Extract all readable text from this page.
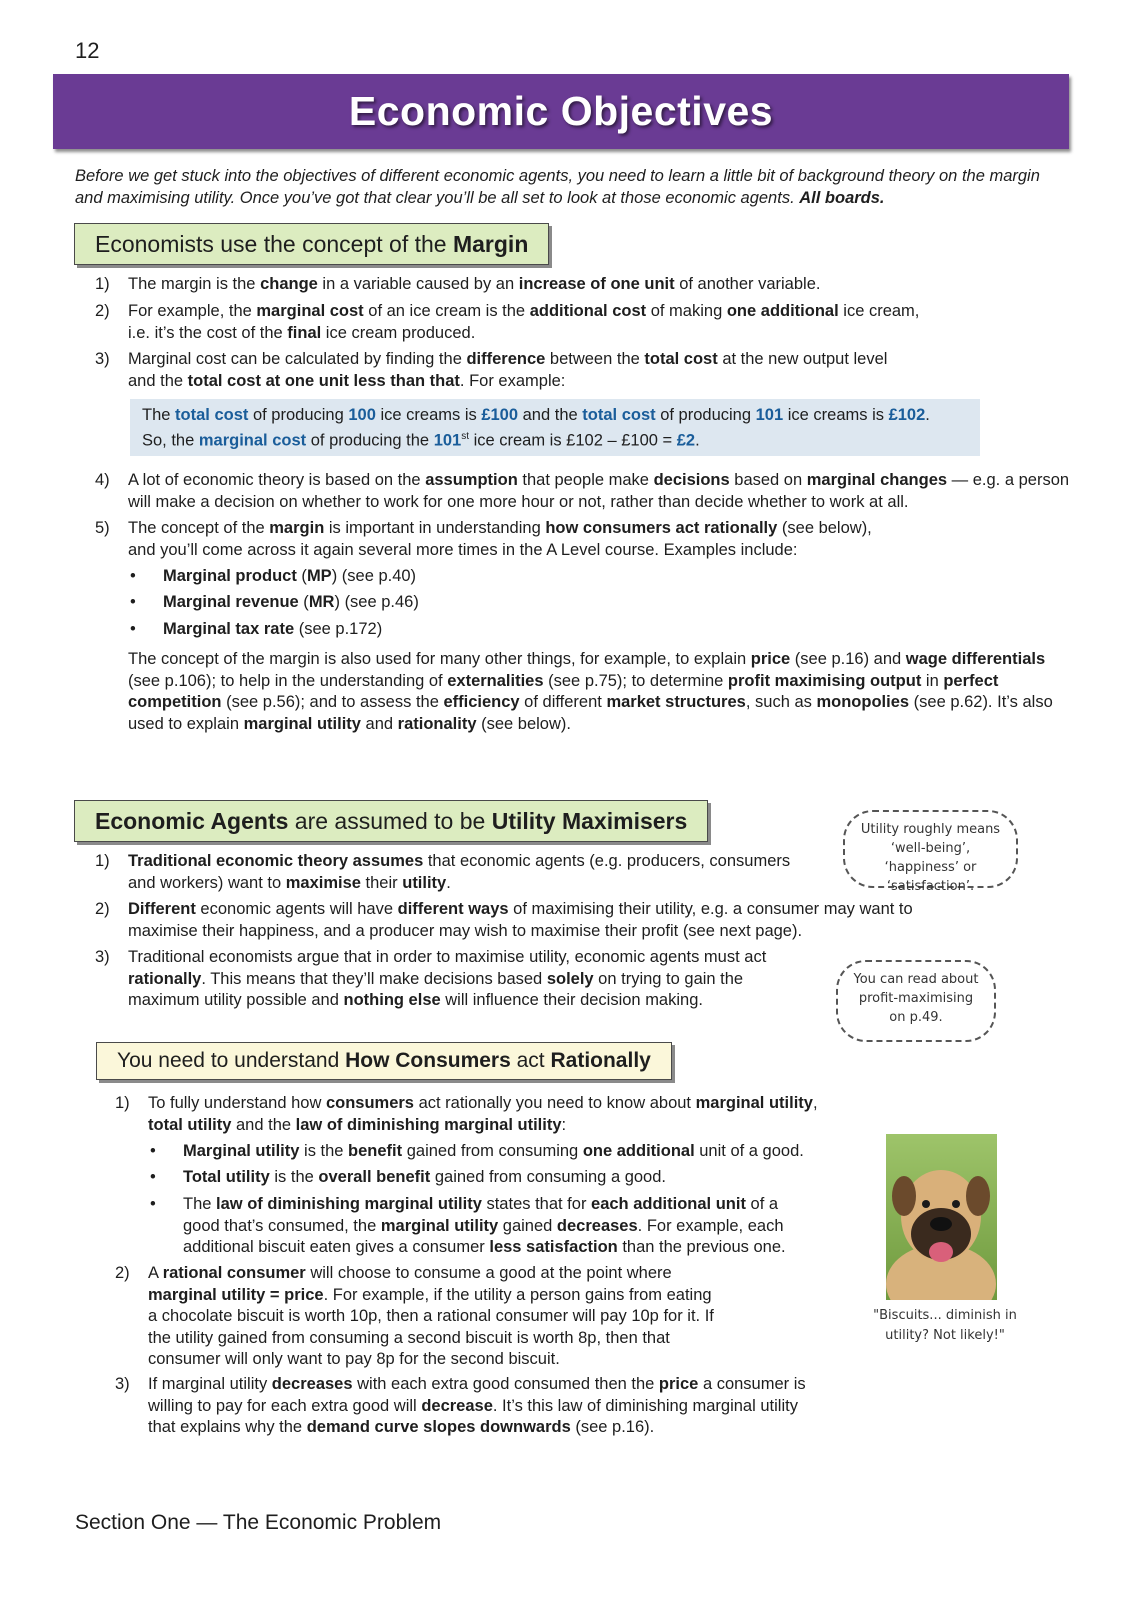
12
Economic Objectives
Before we get stuck into the objectives of different economic agents, you need to learn a little bit of background theory on the margin and maximising utility. Once you’ve got that clear you’ll be all set to look at those economic agents. All boards.
Economists use the concept of the Margin
1) The margin is the change in a variable caused by an increase of one unit of another variable.
2) For example, the marginal cost of an ice cream is the additional cost of making one additional ice cream,
i.e. it’s the cost of the final ice cream produced.
3) Marginal cost can be calculated by finding the difference between the total cost at the new output level
and the total cost at one unit less than that. For example:
The total cost of producing 100 ice creams is £100 and the total cost of producing 101 ice creams is £102.
So, the marginal cost of producing the 101st ice cream is £102 – £100 = £2.
4) A lot of economic theory is based on the assumption that people make decisions based on marginal changes — e.g. a person will make a decision on whether to work for one more hour or not, rather than decide whether to work at all.
5) The concept of the margin is important in understanding how consumers act rationally (see below),
and you’ll come across it again several more times in the A Level course. Examples include:
• Marginal product (MP) (see p.40)
• Marginal revenue (MR) (see p.46)
• Marginal tax rate (see p.172)
The concept of the margin is also used for many other things, for example, to explain price (see p.16) and wage differentials (see p.106); to help in the understanding of externalities (see p.75); to determine profit maximising output in perfect competition (see p.56); and to assess the efficiency of different market structures, such as monopolies (see p.62). It’s also used to explain marginal utility and rationality (see below).
Economic Agents are assumed to be Utility Maximisers	Utility roughly means ‘well-being’, ‘happiness’ or ‘satisfaction’.
1) Traditional economic theory assumes that economic agents (e.g. producers, consumers and workers) want to maximise their utility.
2) Different economic agents will have different ways of maximising their utility, e.g. a consumer may want to maximise their happiness, and a producer may wish to maximise their profit (see next page).
3) Traditional economists argue that in order to maximise utility, economic agents must act rationally. This means that they’ll make decisions based solely on trying to gain the maximum utility possible and nothing else will influence their decision making.
You can read about profit-maximising on p.49.
You need to understand How Consumers act Rationally
1) To fully understand how consumers act rationally you need to know about marginal utility, total utility and the law of diminishing marginal utility:
• Marginal utility is the benefit gained from consuming one additional unit of a good.
• Total utility is the overall benefit gained from consuming a good.
• The law of diminishing marginal utility states that for each additional unit of a good that’s consumed, the marginal utility gained decreases. For example, each additional biscuit eaten gives a consumer less satisfaction than the previous one.
2) A rational consumer will choose to consume a good at the point where marginal utility = price. For example, if the utility a person gains from eating a chocolate biscuit is worth 10p, then a rational consumer will pay 10p for it. If the utility gained from consuming a second biscuit is worth 8p, then that consumer will only want to pay 8p for the second biscuit.
3) If marginal utility decreases with each extra good consumed then the price a consumer is willing to pay for each extra good will decrease. It’s this law of diminishing marginal utility that explains why the demand curve slopes downwards (see p.16).
"Biscuits... diminish in utility? Not likely!"
Section One — The Economic Problem
